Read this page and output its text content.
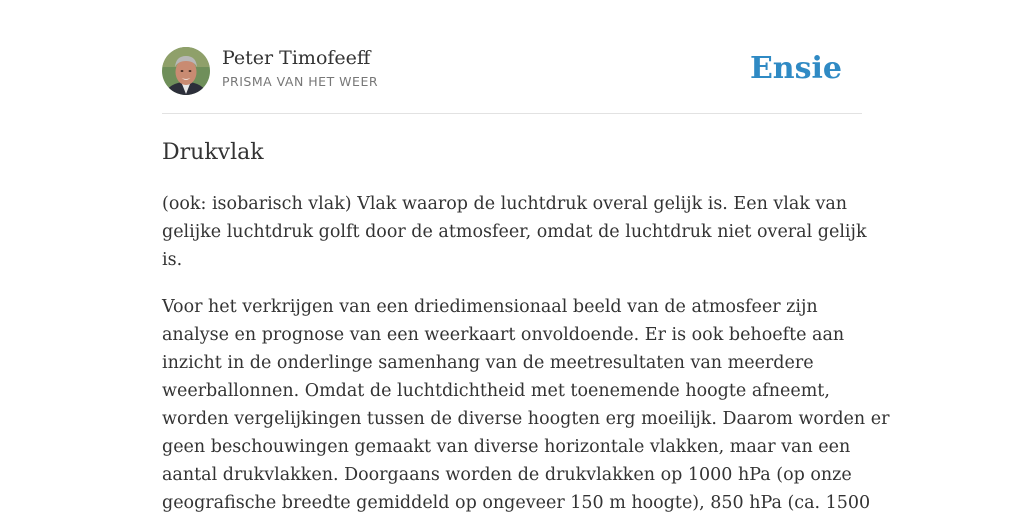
Peter Timofeeff
PRISMA VAN HET WEER	Ensie
Drukvlak

(ook: isobarisch vlak) Vlak waarop de luchtdruk overal gelijk is. Een vlak van
gelijke luchtdruk golft door de atmosfeer, omdat de luchtdruk niet overal gelijk
is.

Voor het verkrijgen van een driedimensionaal beeld van de atmosfeer zijn
analyse en prognose van een weerkaart onvoldoende. Er is ook behoefte aan
inzicht in de onderlinge samenhang van de meetresultaten van meerdere
weerballonnen. Omdat de luchtdichtheid met toenemende hoogte afneemt,
worden vergelijkingen tussen de diverse hoogten erg moeilijk. Daarom worden er
geen beschouwingen gemaakt van diverse horizontale vlakken, maar van een
aantal drukvlakken. Doorgaans worden de drukvlakken op 1000 hPa (op onze
geografische breedte gemiddeld op ongeveer 150 m hoogte), 850 hPa (ca. 1500
